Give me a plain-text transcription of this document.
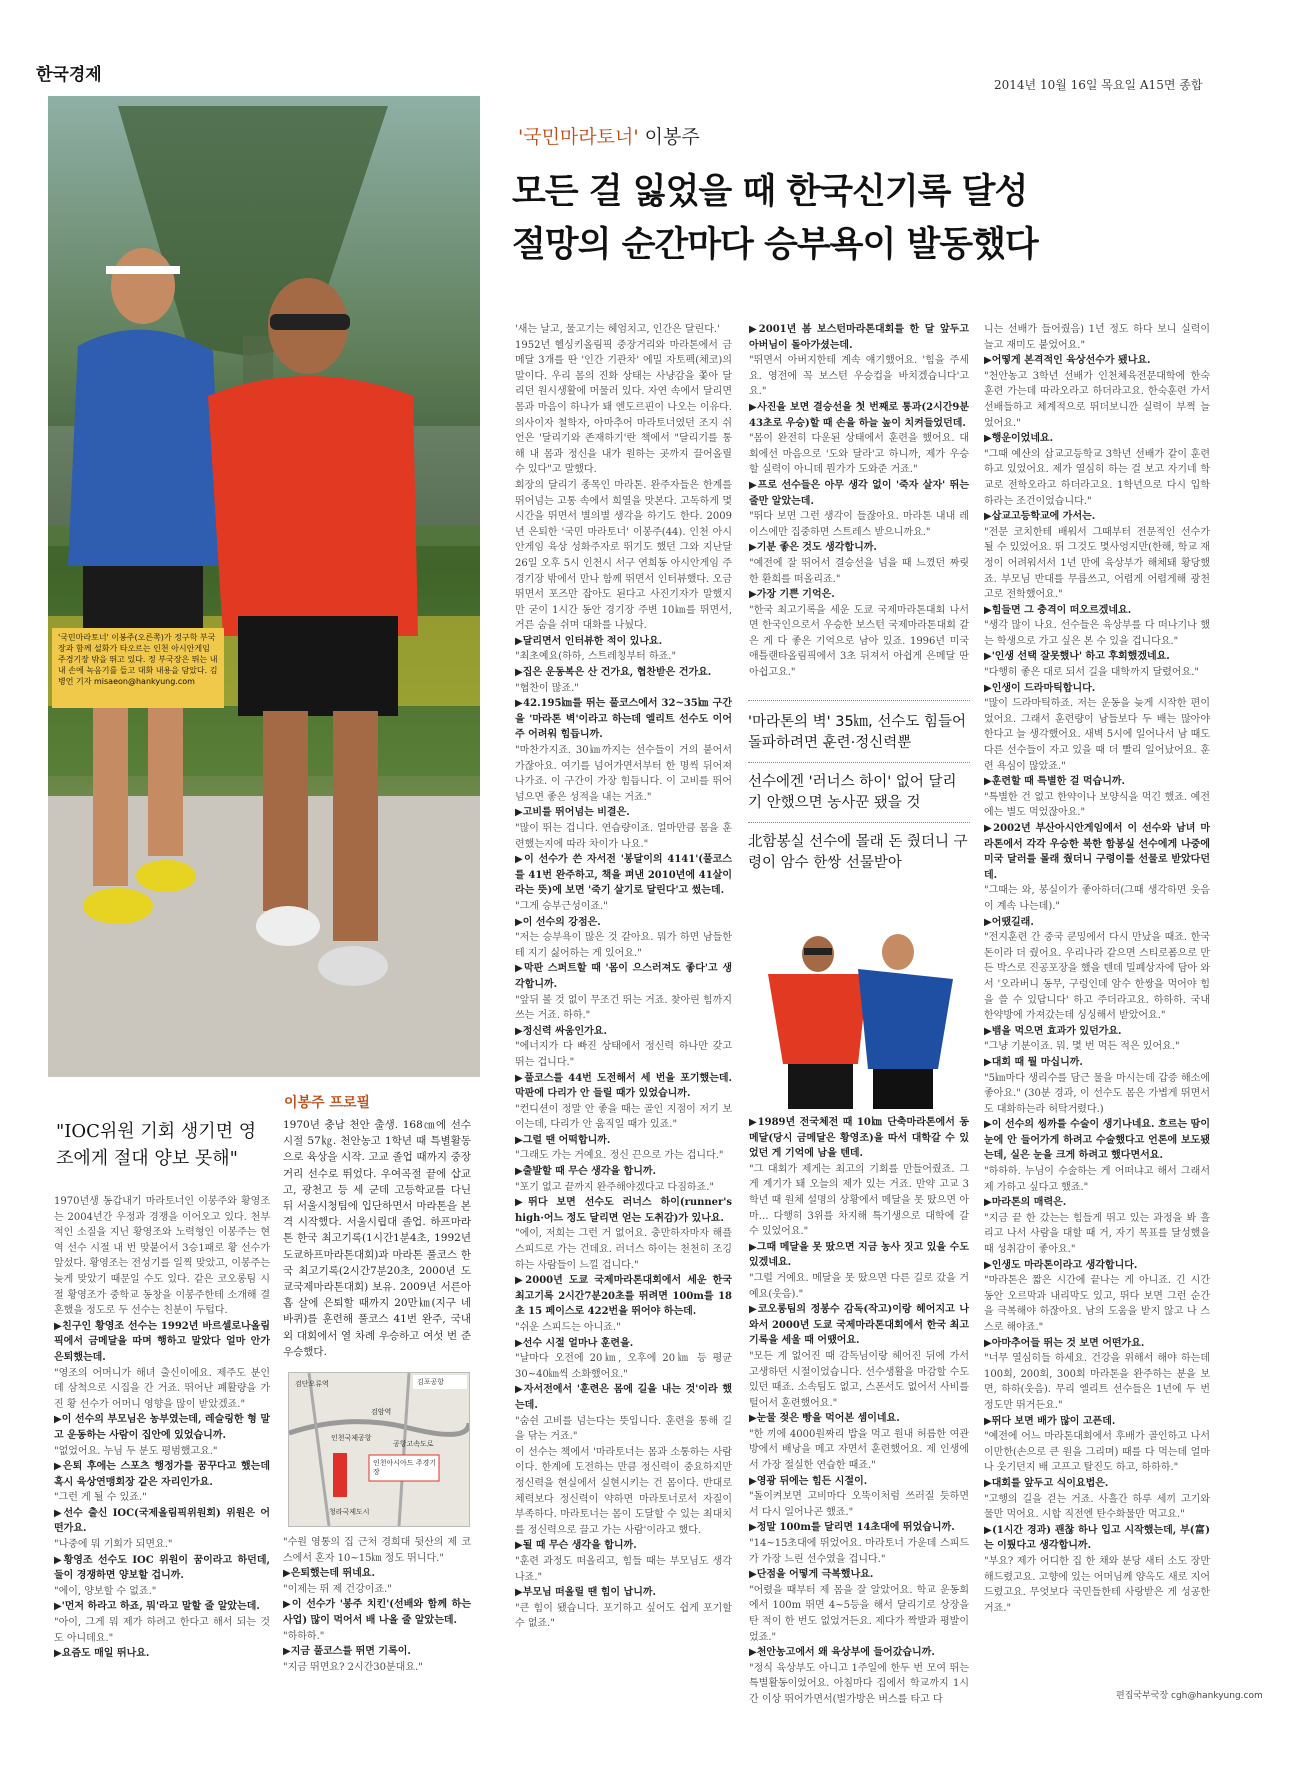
한국경제	2014년 10월 16일 목요일 A15면 종합
'국민마라토너' 이봉주(오른쪽)가 정구학 부국장과 함께 설화가 타오르는 인천 아시안게임 주경기장 밖을 뛰고 있다. 정 부국장은 뛰는 내내 손에 녹음기를 들고 대화 내용을 담았다. 김병언 기자 misaeon@hankyung.com
'국민마라토너' 이봉주
모든 걸 잃었을 때 한국신기록 달성
절망의 순간마다 승부욕이 발동했다
"IOC위원 기회 생기면 영조에게 절대 양보 못해"

1970년생 동갑내기 마라토너인 이봉주와 황영조는 2004년간 우정과 경쟁을 이어오고 있다. 천부적인 소질을 지닌 황영조와 노력형인 이봉주는 현역 선수 시절 내 번 맞붙어서 3승1패로 황 선수가 앞섰다. 황영조는 전성기를 일찍 맞았고, 이봉주는 늦게 맞았기 때문일 수도 있다. 같은 코오롱팀 시절 황영조가 중학교 동창을 이봉주한테 소개해 결혼했을 정도로 두 선수는 친분이 두텁다.

▶친구인 황영조 선수는 1992년 바르셀로나올림픽에서 금메달을 따며 행하고 말았다 얼마 안가 은퇴했는데.

"영조의 어머니가 해녀 출신이에요. 제주도 분인데 삼척으로 시집을 간 거죠. 뛰어난 폐활량을 가진 황 선수가 어머니 영향을 많이 받았겠죠."

▶이 선수의 부모님은 농부였는데, 레슬링한 형 말고 운동하는 사람이 집안에 있었습니까.

"없었어요. 누님 두 분도 평범했고요."

▶은퇴 후에는 스포츠 행정가를 꿈꾸다고 했는데 혹시 육상연맹회장 같은 자리인가요.

"그런 게 될 수 있죠."

▶선수 출신 IOC(국제올림픽위원회) 위원은 어떤가요.

"나중에 뭐 기회가 되면요."

▶황영조 선수도 IOC 위원이 꿈이라고 하던데, 둘이 경쟁하면 양보할 겁니까.

"에이, 양보할 수 없죠."

▶'먼저 하라고 하죠, 뭐'라고 말할 줄 알았는데.

"아이, 그게 뭐 제가 하려고 한다고 해서 되는 것도 아니데요."

▶요즘도 매일 뛰나요.

이봉주 프로필
1970년 충남 천안 출생. 168㎝에 선수시절 57㎏. 천안농고 1학년 때 특별활동으로 육상을 시작. 고교 졸업 때까지 중장거리 선수로 뛰었다. 우여곡절 끝에 삽교고, 광천고 등 세 군데 고등학교를 다닌 뒤 서울시청팀에 입단하면서 마라톤을 본격 시작했다. 서울시립대 졸업. 하프마라톤 한국 최고기록(1시간1분4초, 1992년 도쿄하프마라톤대회)과 마라톤 풀코스 한국 최고기록(2시간7분20초, 2000년 도쿄국제마라톤대회) 보유. 2009년 서른아홉 살에 은퇴할 때까지 20만㎞(지구 네 바퀴)를 훈련해 풀코스 41번 완주, 국내외 대회에서 열 차례 우승하고 여섯 번 준우승했다.
검단오류역
검암역
김포공항
인천국제공항
공항고속도로
인천아시아드 주경기장
청라국제도시

"수원 영통의 집 근처 경희대 뒷산의 제 코스에서 혼자 10~15㎞ 정도 뛰니다."

▶은퇴했는데 뛰네요.

"이제는 뛰 제 건강이죠."

▶이 선수가 '봉주 치킨'(선배와 함께 하는 사업) 많이 먹어서 배 나올 줄 알았는데.

"하하하."

▶지금 풀코스를 뛰면 기록이.

"지금 뛰면요? 2시간30분대요."

'새는 날고, 물고기는 헤엄치고, 인간은 달린다.'

1952년 헬싱키올림픽 중장거리와 마라톤에서 금메달 3개를 딴 '인간 기관차' 에밀 자토펙(체코)의 말이다. 우리 몸의 진화 상태는 사냥감을 쫓아 달리던 원시생활에 머물러 있다. 자연 속에서 달리면 몸과 마음이 하나가 돼 엔도르핀이 나오는 이유다. 의사이자 철학자, 아마추어 마라토너였던 조지 쉬언은 '달리기와 존재하기'란 책에서 "달리기를 통해 내 몸과 정신을 내가 원하는 곳까지 끌어올릴 수 있다"고 말했다.

회장의 달리기 종목인 마라톤. 완주자들은 한계를 뛰어넘는 고통 속에서 희열을 맛본다. 고독하게 몇 시간을 뛰면서 별의별 생각을 하기도 한다. 2009년 은퇴한 '국민 마라토너' 이봉주(44). 인천 아시안게임 육상 성화주자로 뛰기도 했던 그와 지난달 26일 오후 5시 인천시 서구 연희동 아시안게임 주경기장 밖에서 만나 함께 뛰면서 인터뷰했다. 오금 뛰면서 포즈만 잡아도 된다고 사진기자가 말했지만 굳이 1시간 동안 경기장 주변 10㎞를 뛰면서, 거른 숨을 쉬며 대화를 나눴다.

▶달리면서 인터뷰한 적이 있나요.

"최초예요(하하, 스트레칭부터 하죠."

▶집은 운동복은 산 건가요, 협찬받은 건가요.

"협찬이 많죠."

▶42.195㎞를 뛰는 풀코스에서 32~35㎞ 구간을 '마라톤 벽'이라고 하는데 엘리트 선수도 이어주 어려워 힘듭니까.

"마찬가지죠. 30㎞까지는 선수들이 거의 붙어서 가잖아요. 여기를 넘어가면서부터 한 명씩 뒤어져 나가죠. 이 구간이 가장 힘듭니다. 이 고비를 뛰어넘으면 좋은 성적을 내는 거죠."

▶고비를 뛰어넘는 비결은.

"많이 뛰는 겁니다. 연습량이죠. 얼마만큼 몸을 훈련했는지에 따라 차이가 나요."

▶이 선수가 쓴 자서전 '봉달이의 4141'(풀코스를 41번 완주하고, 책을 펴낸 2010년에 41살이라는 뜻)에 보면 '죽기 살기로 달린다'고 썼는데.

"그게 승부근성이죠."

▶이 선수의 강점은.

"저는 승부욕이 많은 것 같아요. 뭐가 하면 남들한테 지기 싫어하는 게 있어요."

▶막판 스퍼트할 때 '몸이 으스러져도 좋다'고 생각합니까.

"앞뒤 볼 것 없이 무조건 뛰는 거죠. 찾아린 힘까지 쓰는 거죠. 하하."

▶정신력 싸움인가요.

"에너지가 다 빠진 상태에서 정신력 하나만 갖고 뛰는 겁니다."

▶풀코스를 44번 도전해서 세 번을 포기했는데. 막판에 다리가 안 들릴 때가 있었습니까.

"컨디션이 정말 안 좋을 때는 골인 지점이 저기 보이는데, 다리가 안 움직일 때가 있죠."

▶그럴 땐 어떡합니까.

"그래도 가는 거예요. 정신 끈으로 가는 겁니다."

▶출발할 때 무슨 생각을 합니까.

"포기 없고 끝까지 완주해야겠다고 다짐하죠."

▶뛰다 보면 선수도 러너스 하이(runner's high·어느 정도 달리면 얻는 도취감)가 있나요.

"에이, 저희는 그런 거 없어요. 충만하자마자 해플 스피드로 가는 건데요. 러너스 하이는 천천히 조깅하는 사람들이 느낄 겁니다."

▶2000년 도쿄 국제마라톤대회에서 세운 한국 최고기록 2시간7분20초를 뛰려면 100m를 18초 15 페이스로 422번을 뛰어야 하는데.

"쉬운 스피드는 아니죠."

▶선수 시절 얼마나 훈련을.

"날마다 오전에 20㎞, 오후에 20㎞ 등 평균 30~40㎞씩 소화했어요."

▶자서전에서 '훈련은 몸에 길을 내는 것'이라 했는데.

"숨쉰 고비를 넘는다는 뜻입니다. 훈련을 통해 길을 닦는 거죠."

이 선수는 책에서 '마라토너는 몸과 소통하는 사람이다. 한계에 도전하는 만큼 정신력이 중요하지만 정신력을 현실에서 실현시키는 건 몸이다. 반대로 체력보다 정신력이 약하면 마라토너로서 자질이 부족하다. 마라토너는 몸이 도달할 수 있는 최대치를 정신력으로 끌고 가는 사람'이라고 했다.

▶될 때 무슨 생각을 합니까.

"훈련 과정도 떠올리고, 힘들 때는 부모님도 생각나죠."

▶부모님 떠올릴 땐 힘이 납니까.

"큰 힘이 됐습니다. 포기하고 싶어도 쉽게 포기할 수 없죠."

▶2001년 봄 보스턴마라톤대회를 한 달 앞두고 아버님이 돌아가셨는데.

"뛰면서 아버지한테 계속 얘기했어요. '힘을 주세요. 영전에 꼭 보스턴 우승컵을 바치겠습니다'고요."

▶사진을 보면 결승선을 첫 번째로 통과(2시간9분 43초로 우승)할 때 손을 하늘 높이 치켜들었던데.

"몸이 완전히 다운된 상태에서 훈련을 했어요. 대회에선 마음으로 '도와 달라'고 하니까, 제가 우승할 실력이 아니데 뭔가가 도와준 거죠."

▶프로 선수들은 아무 생각 없이 '죽자 살자' 뛰는 줄만 알았는데.

"뛰다 보면 그런 생각이 들잖아요. 마라톤 내내 레이스에만 집중하면 스트레스 받으니까요."

▶기분 좋은 것도 생각합니까.

"예전에 잘 뛰어서 결승선을 넘을 때 느꼈던 짜릿한 환희를 떠올리죠."

▶가장 기쁜 기억은.

"한국 최고기록을 세운 도쿄 국제마라톤대회 나서면 한국인으로서 우승한 보스턴 국제마라톤대회 같은 게 다 좋은 기억으로 남아 있죠. 1996년 미국 애틀랜타올림픽에서 3초 뒤져서 아쉽게 은메달 딴 아쉽고요."

'마라톤의 벽' 35㎞, 선수도 힘들어 돌파하려면 훈련·정신력뿐
선수에겐 '러너스 하이' 없어 달리기 안했으면 농사꾼 됐을 것
北함봉실 선수에 몰래 돈 줬더니 구령이 암수 한쌍 선물받아

▶1989년 전국체전 때 10㎞ 단축마라톤에서 동메달(당시 금메달은 황영조)을 따서 대학갈 수 있었던 게 기억에 남을 텐데.

"그 대회가 제게는 최고의 기회를 만들어줬죠. 그게 계기가 돼 오늘의 제가 있는 거죠. 만약 고교 3학년 때 원체 설명의 상황에서 메달을 못 땄으면 아마… 다행히 3위를 차지해 특기생으로 대학에 갈 수 있었어요."

▶그때 메달을 못 땄으면 지금 농사 짓고 있을 수도 있겠네요.

"그럴 거예요. 메달을 못 땄으면 다른 길로 갔을 거예요(웃음)."

▶코오롱팀의 정봉수 감독(작고)이랑 헤어지고 나와서 2000년 도쿄 국제마라톤대회에서 한국 최고기록을 세울 때 어땠어요.

"모든 게 없어진 때 감독님이랑 헤어진 뒤에 가서 고생하던 시절이었습니다. 선수생활을 마감할 수도 있던 때죠. 소속팀도 없고, 스폰서도 없어서 사비를 털어서 훈련했어요."

▶눈물 젖은 빵을 먹어본 셈이네요.

"한 끼에 4000원짜리 밥을 먹고 원내 허름한 여관방에서 배낭을 메고 자면서 훈련했어요. 제 인생에서 가장 절실한 연습한 때죠."

▶영광 뒤에는 힘든 시절이.

"돌이켜보면 고비마다 오뚝이처럼 쓰러질 듯하면서 다시 일어나곤 했죠."

▶정말 100m를 달리면 14초대에 뛰었습니까.

"14~15초대에 뛰었어요. 마라토너 가운데 스피드가 가장 느린 선수였을 겁니다."

▶단점을 어떻게 극복했나요.

"어렸을 때부터 제 몸을 잘 알았어요. 학교 운동회에서 100m 뛰면 4~5등을 해서 달리기로 상장을 탄 적이 한 번도 없었거든요. 제다가 짝발과 평발이었죠."

▶천안농고에서 왜 육상부에 들어갔습니까.

"정식 육상부도 아니고 1주일에 한두 번 모여 뛰는 특별활동이었어요. 아침마다 집에서 학교까지 1시간 이상 뛰어가면서(벌가방은 버스를 타고 다

니는 선배가 들어줬음) 1년 정도 하다 보니 실력이 늘고 재미도 붙었어요."

▶어떻게 본격적인 육상선수가 됐나요.

"천안농고 3학년 선배가 인천체육전문대학에 한숙훈련 가는데 따라오라고 하더라고요. 한숙훈련 가서 선배들하고 체계적으로 뛰더보니깐 실력이 부쩍 늘었어요."

▶행운이었네요.

"그때 예산의 삽교고등학교 3학년 선배가 같이 훈련하고 있었어요. 제가 열심히 하는 걸 보고 자기네 학교로 전학오라고 하더라고요. 1학년으로 다시 입학하라는 조건이었습니다."

▶삽교고등학교에 가서는.

"전문 코치한테 배워서 그때부터 전문적인 선수가 될 수 있었어요. 뛰 그것도 몇사엉지만(한해, 학교 재정이 어려워서서 1년 만에 육상부가 해체돼 황당했죠. 부모님 반대를 무릅쓰고, 어렵게 어렵게해 광천고로 전학했어요."

▶힘들면 그 충격이 떠오르겠네요.

"생각 많이 나요. 선수들은 육상부를 다 떠나기나 했는 학생으로 가고 싶은 본 수 있을 겁니다요."

▶'인생 선택 잘못했나' 하고 후회했겠네요.

"다행히 좋은 대로 되서 길을 대학까지 달렸어요."

▶인생이 드라마틱합니다.

"많이 드라마틱하죠. 저는 운동을 늦게 시작한 편이었어요. 그래서 훈련량이 남들보다 두 배는 많아야 한다고 늘 생각했어요. 새벽 5시에 일어나서 남 때도 다른 선수들이 자고 있을 때 더 빨리 일어났어요. 훈련 욕심이 많았죠."

▶훈련할 때 특별한 걸 먹습니까.

"특별한 건 없고 한약이나 보양식을 먹긴 했죠. 예전에는 별도 먹었잖아요."

▶2002년 부산아시안게임에서 이 선수와 남녀 마라톤에서 각각 우승한 북한 함봉실 선수에게 나중에 미국 달러를 몰래 줬더니 구령이를 선물로 받았다던데.

"그때는 와, 봉실이가 좋아하더(그때 생각하면 웃음이 계속 나는데)."

▶어땠길래.

"전지훈련 간 중국 쿤밍에서 다시 만났을 때죠. 한국돈이라 더 줬어요. 우리나라 같으면 스티로폼으로 만든 박스로 진공포장을 했을 텐데 밀폐상자에 담아 와서 '오라버니 동무, 구렁인데 암수 한쌍을 먹어야 힘을 쓸 수 있답니다' 하고 주더라고요. 하하하. 국내 한약방에 가져갔는데 싱싱해서 받았어요."

▶뱀을 먹으면 효과가 있던가요.

"그냥 기분이죠. 뭐. 몇 번 먹든 적은 있어요."

▶대회 때 뭘 마십니까.

"5㎞마다 생리수를 담근 물을 마시는데 갑증 해소에 좋아요." (30분 경과, 이 선수도 몸은 가볍게 뛰면서도 대화하는라 허탁거렸다.)

▶이 선수의 씽까를 수술이 생기나네요. 흐르는 땀이 눈에 안 들어가게 하려고 수술했다고 언론에 보도됐는데, 실은 눈을 크게 하려고 했다면서요.

"하하하. 누님이 수술하는 게 어떠냐고 해서 그래서 제 가하고 싶다고 했죠."

▶마라톤의 매력은.

"지금 끝 한 갔는는 힘들게 뛰고 있는 과정을 봐 흘리고 나서 사람을 대할 때 거, 자기 목표를 달성했을 때 성취감이 좋아요."

▶인생도 마라톤이라고 생각합니다.

"마라톤은 짧은 시간에 끝나는 게 아니죠. 긴 시간 동안 오르막과 내리막도 있고, 뛰다 보면 그런 순간을 극복해야 하잖아요. 남의 도움을 받지 않고 나 스스로 해야죠."

▶아마추어들 뛰는 것 보면 어떤가요.

"너무 열심히들 하세요. 건강을 위해서 해야 하는데 100회, 200회, 300회 마라톤을 완주하는 분을 보면, 하하(웃음). 무리 엘리트 선수들은 1년에 두 번 정도만 뛰거든요."

▶뛰다 보면 배가 많이 고픈데.

"예전에 어느 마라톤대회에서 후배가 골인하고 나서 이만한(손으로 큰 원을 그리며) 때를 다 먹는데 얼마나 웃기던지 배 고프고 탈진도 하고, 하하하."

▶대회를 앞두고 식이요법은.

"고행의 길을 걷는 거죠. 사흘간 하루 세끼 고기와 물만 먹어요. 시합 직전엔 탄수화물만 먹고요."

▶(1시간 경과) 괜찮 하나 입고 시작했는데, 부(富)는 이뤘다고 생각합니까.

"부요? 제가 어디한 집 한 채와 분당 새터 소도 장만해드렸고요. 고향에 있는 어머님께 양옥도 새로 지어드렸고요. 무엇보다 국민들한테 사랑받은 게 성공한 거죠."

편집국부국장 cgh@hankyung.com
